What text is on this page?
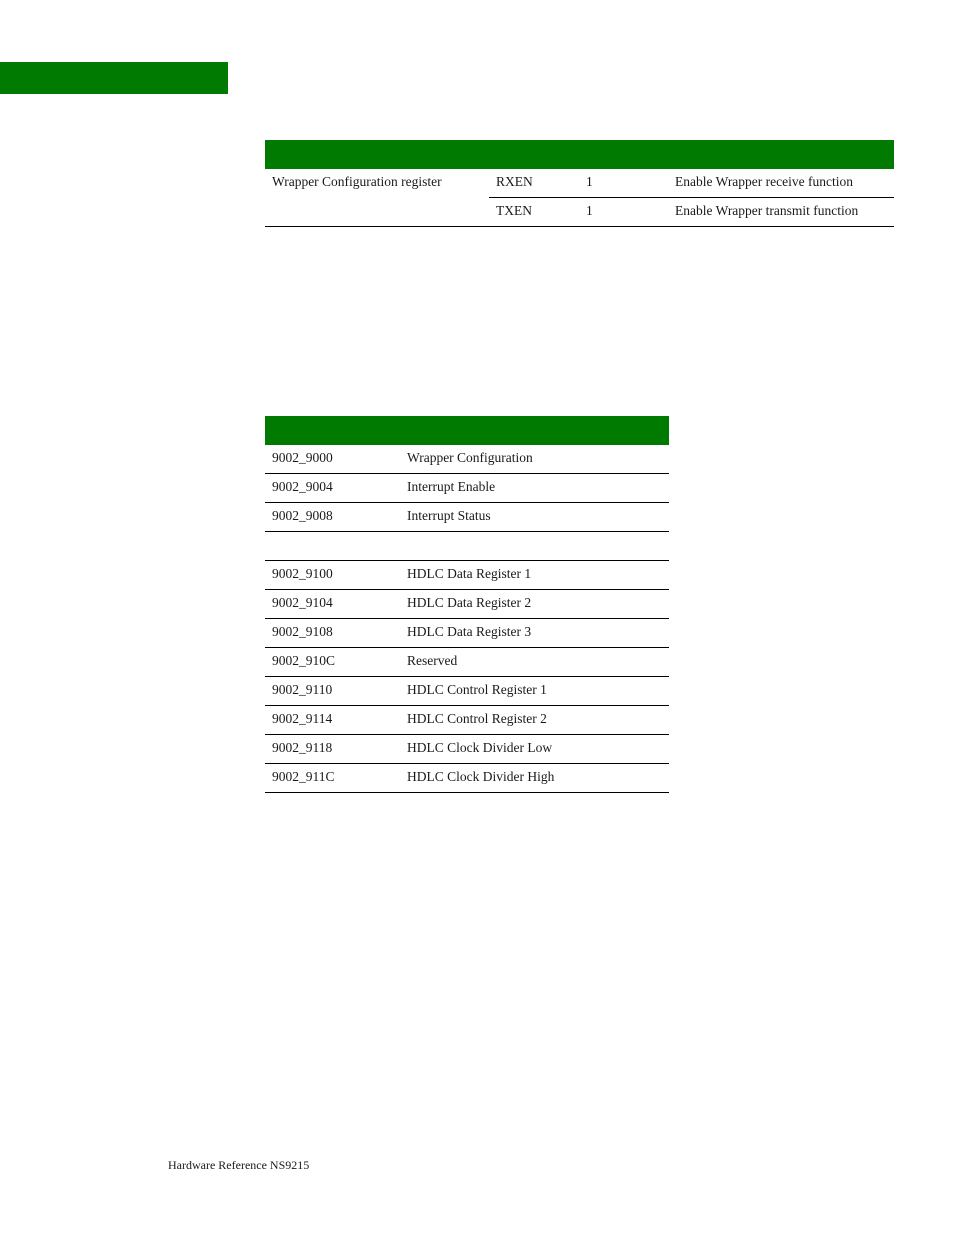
Wrapper Configuration register	RXEN	1	Enable Wrapper receive function
	TXEN	1	Enable Wrapper transmit function

9002_9000	Wrapper Configuration
9002_9004	Interrupt Enable
9002_9008	Interrupt Status

9002_9100	HDLC Data Register 1
9002_9104	HDLC Data Register 2
9002_9108	HDLC Data Register 3
9002_910C	Reserved
9002_9110	HDLC Control Register 1
9002_9114	HDLC Control Register 2
9002_9118	HDLC Clock Divider Low
9002_911C	HDLC Clock Divider High
Hardware Reference NS9215
